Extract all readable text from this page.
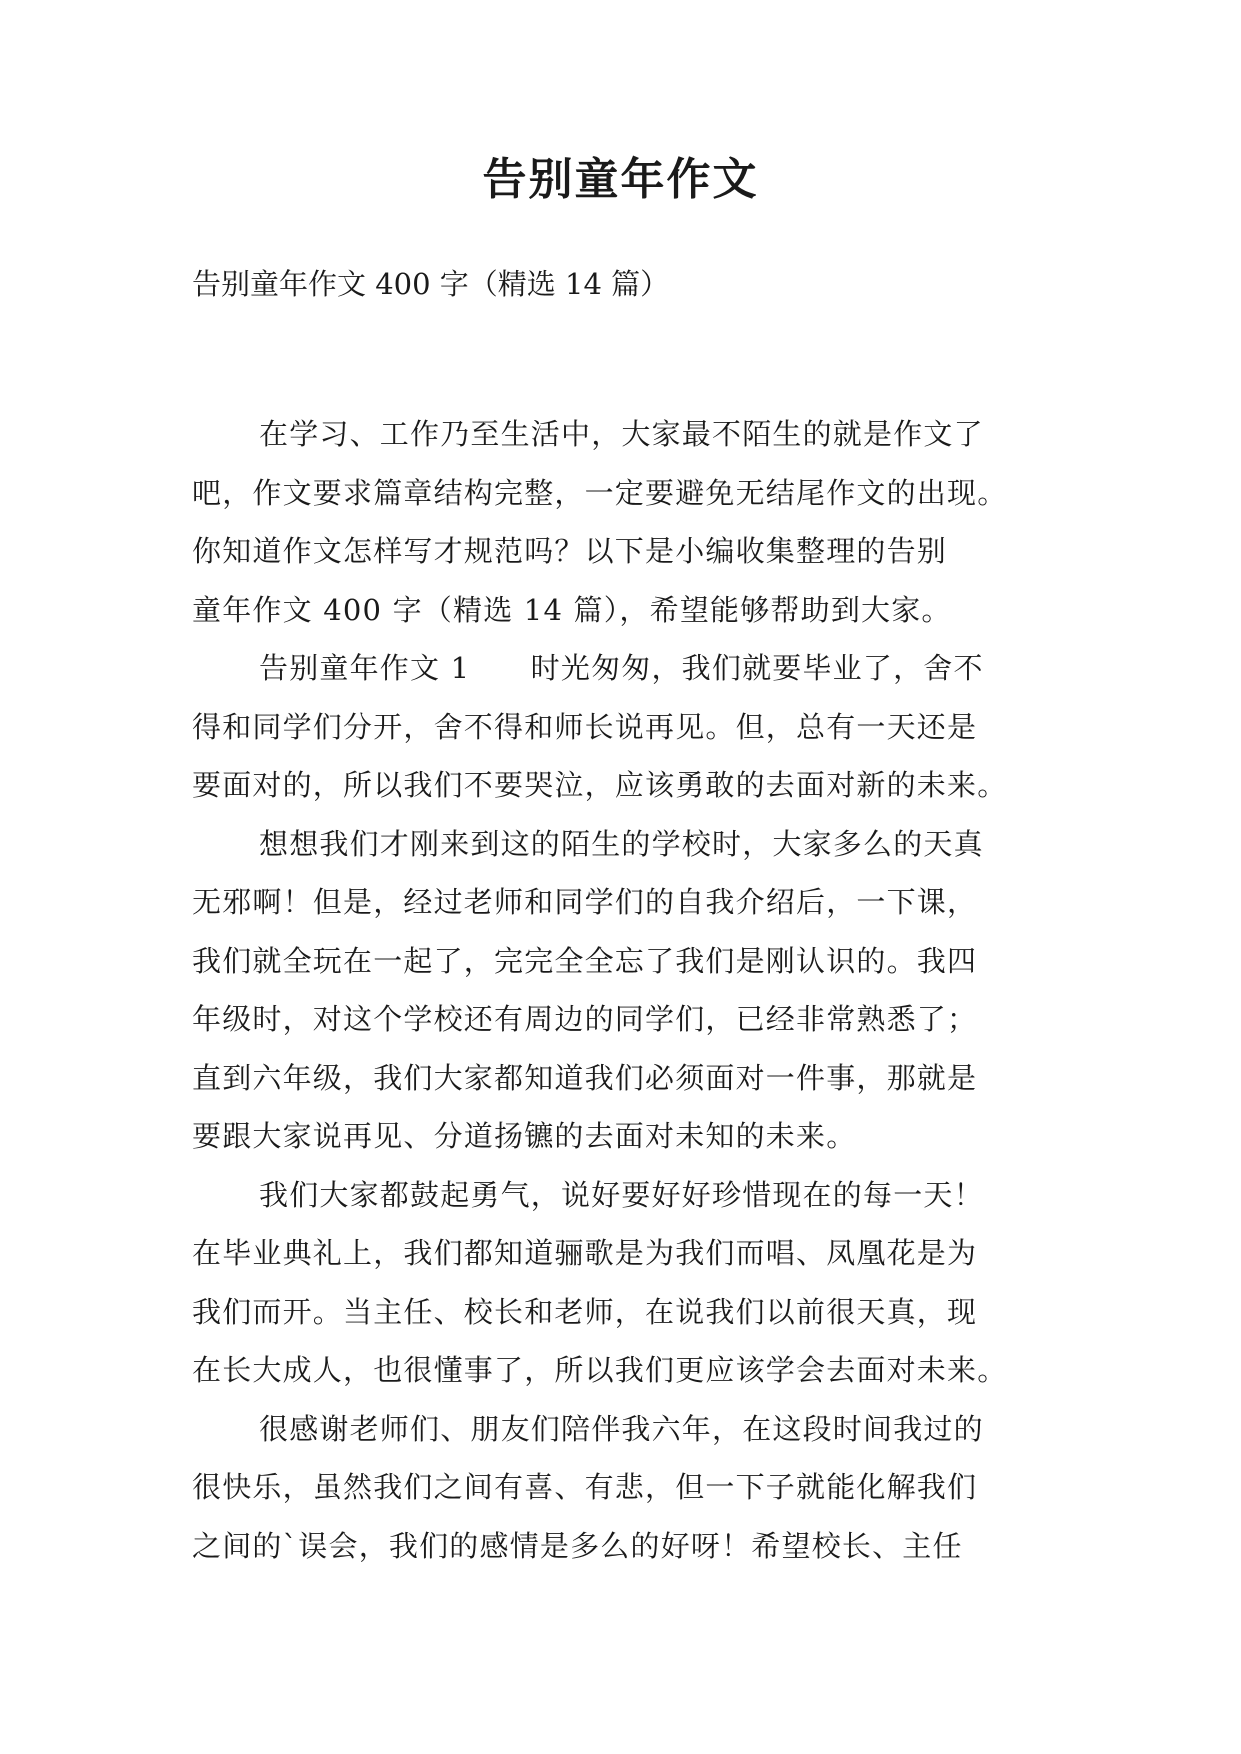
告别童年作文

告别童年作文 400 字（精选 14 篇）

在学习、工作乃至生活中，大家最不陌生的就是作文了
吧，作文要求篇章结构完整，一定要避免无结尾作文的出现。
你知道作文怎样写才规范吗？以下是小编收集整理的告别
童年作文 400 字（精选 14 篇），希望能够帮助到大家。

告别童年作文 1　　时光匆匆，我们就要毕业了，舍不
得和同学们分开，舍不得和师长说再见。但，总有一天还是
要面对的，所以我们不要哭泣，应该勇敢的去面对新的未来。

想想我们才刚来到这的陌生的学校时，大家多么的天真
无邪啊！但是，经过老师和同学们的自我介绍后，一下课，
我们就全玩在一起了，完完全全忘了我们是刚认识的。我四
年级时，对这个学校还有周边的同学们，已经非常熟悉了；
直到六年级，我们大家都知道我们必须面对一件事，那就是
要跟大家说再见、分道扬镳的去面对未知的未来。

我们大家都鼓起勇气，说好要好好珍惜现在的每一天！
在毕业典礼上，我们都知道骊歌是为我们而唱、凤凰花是为
我们而开。当主任、校长和老师，在说我们以前很天真，现
在长大成人，也很懂事了，所以我们更应该学会去面对未来。

很感谢老师们、朋友们陪伴我六年，在这段时间我过的
很快乐，虽然我们之间有喜、有悲，但一下子就能化解我们
之间的`误会，我们的感情是多么的好呀！希望校长、主任
